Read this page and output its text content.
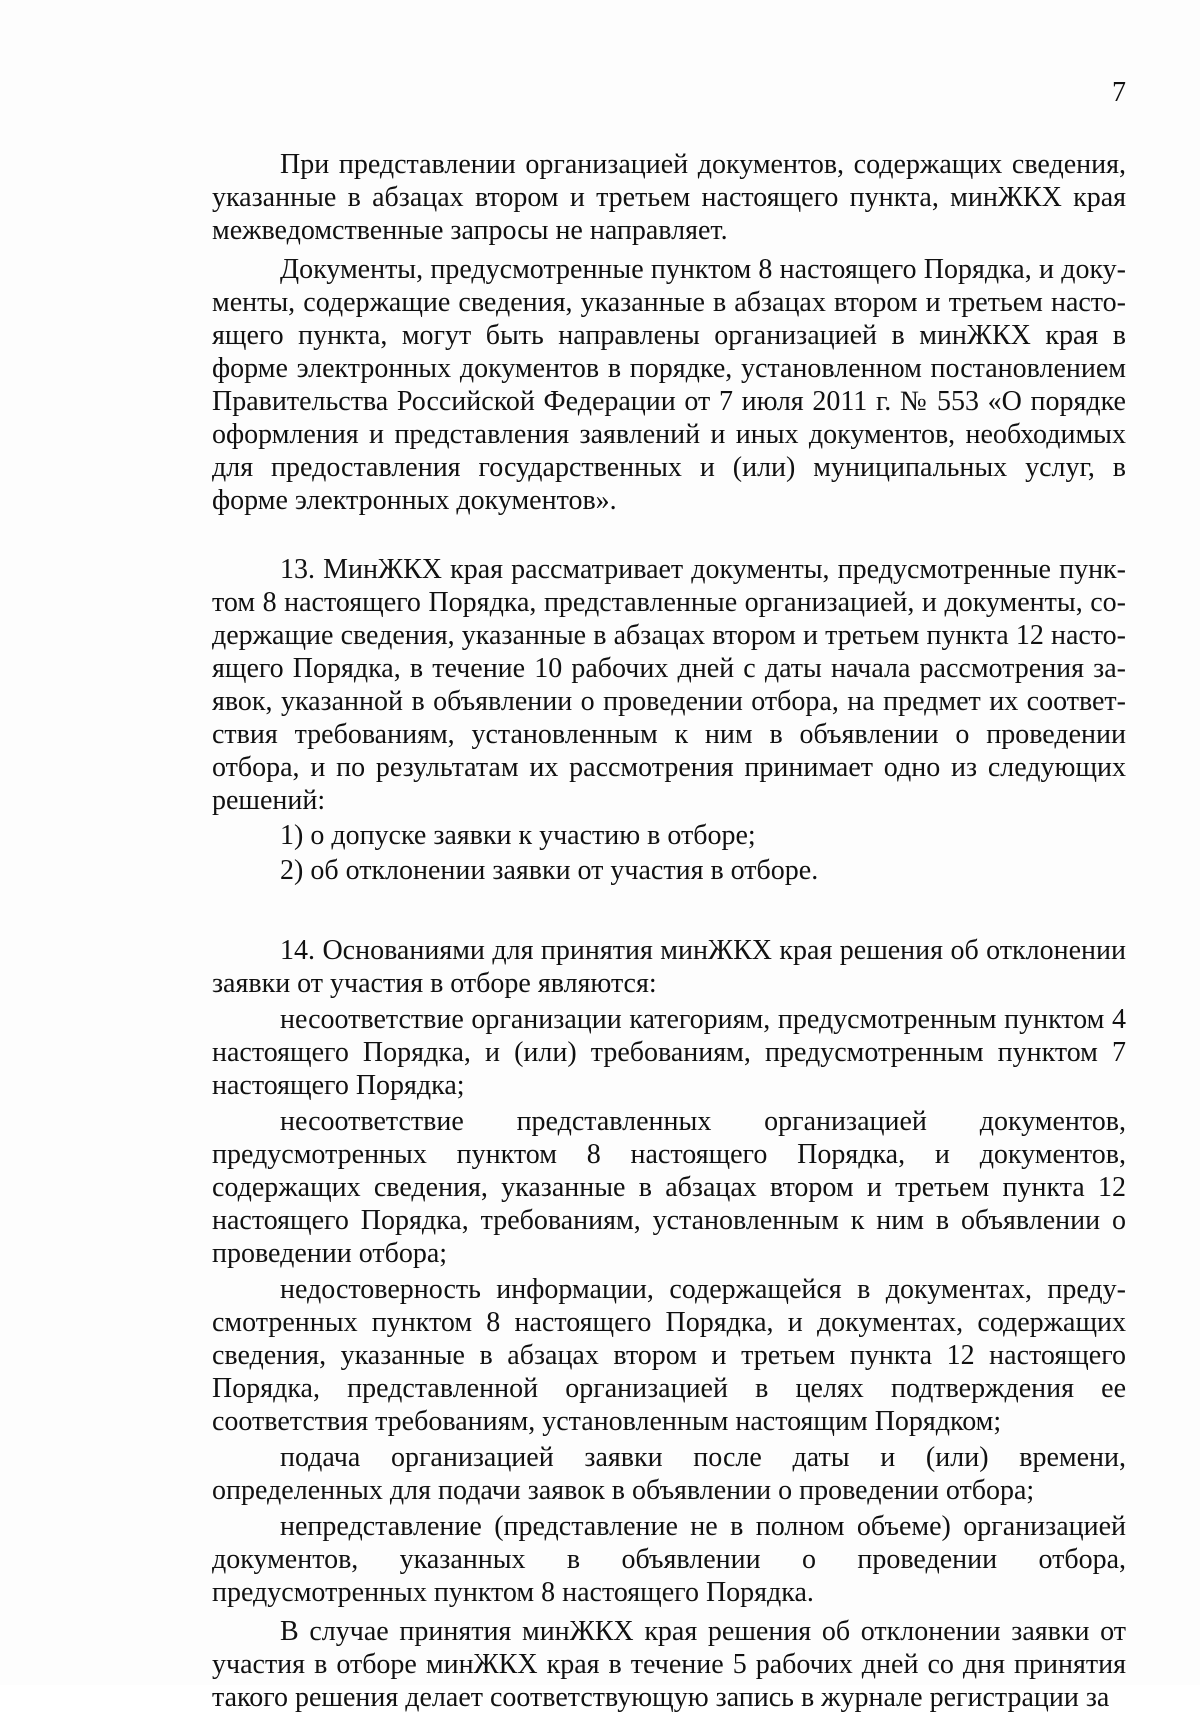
7

При представлении организацией документов, содержащих сведения, указанные в абзацах втором и третьем настоящего пункта, минЖКХ края межведомственные запросы не направляет.

Документы, предусмотренные пунктом 8 настоящего Порядка, и документы, содержащие сведения, указанные в абзацах втором и третьем настоящего пункта, могут быть направлены организацией в минЖКХ края в форме электронных документов в порядке, установленном постановлением Правительства Российской Федерации от 7 июля 2011 г. № 553 «О порядке оформления и представления заявлений и иных документов, необходимых для предоставления государственных и (или) муниципальных услуг, в форме электронных документов».

13. МинЖКХ края рассматривает документы, предусмотренные пунктом 8 настоящего Порядка, представленные организацией, и документы, содержащие сведения, указанные в абзацах втором и третьем пункта 12 настоящего Порядка, в течение 10 рабочих дней с даты начала рассмотрения заявок, указанной в объявлении о проведении отбора, на предмет их соответствия требованиям, установленным к ним в объявлении о проведении отбора, и по результатам их рассмотрения принимает одно из следующих решений:

1) о допуске заявки к участию в отборе;

2) об отклонении заявки от участия в отборе.

14. Основаниями для принятия минЖКХ края решения об отклонении заявки от участия в отборе являются:

несоответствие организации категориям, предусмотренным пунктом 4 настоящего Порядка, и (или) требованиям, предусмотренным пунктом 7 настоящего Порядка;

несоответствие представленных организацией документов, предусмотренных пунктом 8 настоящего Порядка, и документов, содержащих сведения, указанные в абзацах втором и третьем пункта 12 настоящего Порядка, требованиям, установленным к ним в объявлении о проведении отбора;

недостоверность информации, содержащейся в документах, предусмотренных пунктом 8 настоящего Порядка, и документах, содержащих сведения, указанные в абзацах втором и третьем пункта 12 настоящего Порядка, представленной организацией в целях подтверждения ее соответствия требованиям, установленным настоящим Порядком;

подача организацией заявки после даты и (или) времени, определенных для подачи заявок в объявлении о проведении отбора;

непредставление (представление не в полном объеме) организацией документов, указанных в объявлении о проведении отбора, предусмотренных пунктом 8 настоящего Порядка.

В случае принятия минЖКХ края решения об отклонении заявки от участия в отборе минЖКХ края в течение 5 рабочих дней со дня принятия такого решения делает соответствующую запись в журнале регистрации за
